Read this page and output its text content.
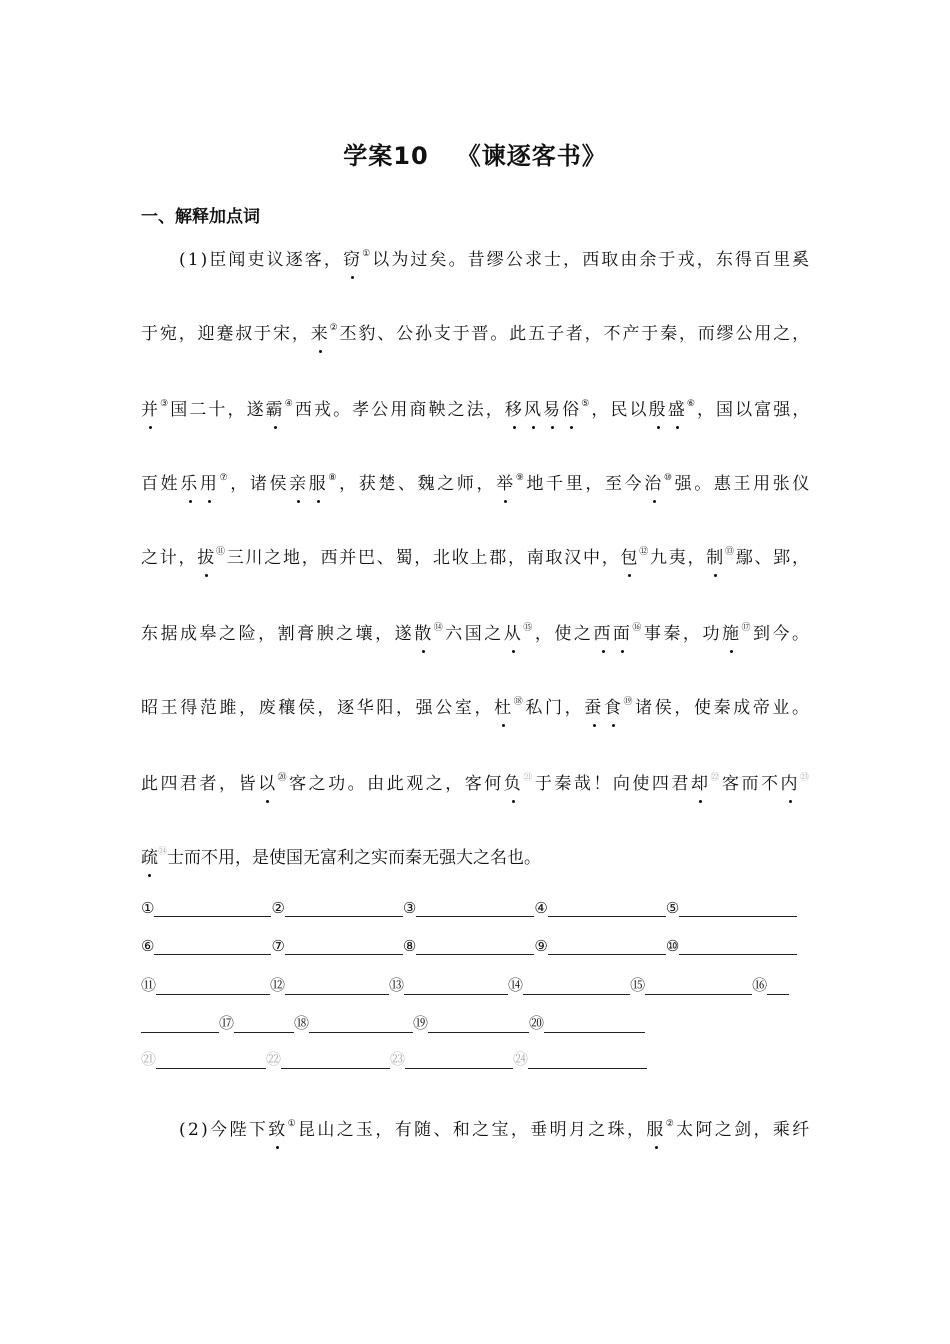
学案10 《谏逐客书》
一、解释加点词
(1)臣闻吏议逐客，窃①以为过矣。昔缪公求士，西取由余于戎，东得百里奚
于宛，迎蹇叔于宋，来②丕豹、公孙支于晋。此五子者，不产于秦，而缪公用之，
并③国二十，遂霸④西戎。孝公用商鞅之法，移风易俗⑤，民以殷盛⑥，国以富强，
百姓乐用⑦，诸侯亲服⑧，获楚、魏之师，举⑨地千里，至今治⑩强。惠王用张仪
之计，拔⑪三川之地，西并巴、蜀，北收上郡，南取汉中，包⑫九夷，制⑬鄢、郢，
东据成皋之险，割膏腴之壤，遂散⑭六国之从⑮，使之西面⑯事秦，功施⑰到今。
昭王得范雎，废穰侯，逐华阳，强公室，杜⑱私门，蚕食⑲诸侯，使秦成帝业。
此四君者，皆以⑳客之功。由此观之，客何负$^㉑$于秦哉！向使四君却$^㉒$客而不内$^㉓$
疏$^㉔$士而不用，是使国无富利之实而秦无强大之名也。
①	②	③	④	⑤
⑥	⑦	⑧	⑨	⑩
⑪	⑫	⑬	⑭	⑮	⑯
⑰	⑱	⑲	⑳
㉑	㉒	㉓	㉔
(2)今陛下致①昆山之玉，有随、和之宝，垂明月之珠，服②太阿之剑，乘纤
